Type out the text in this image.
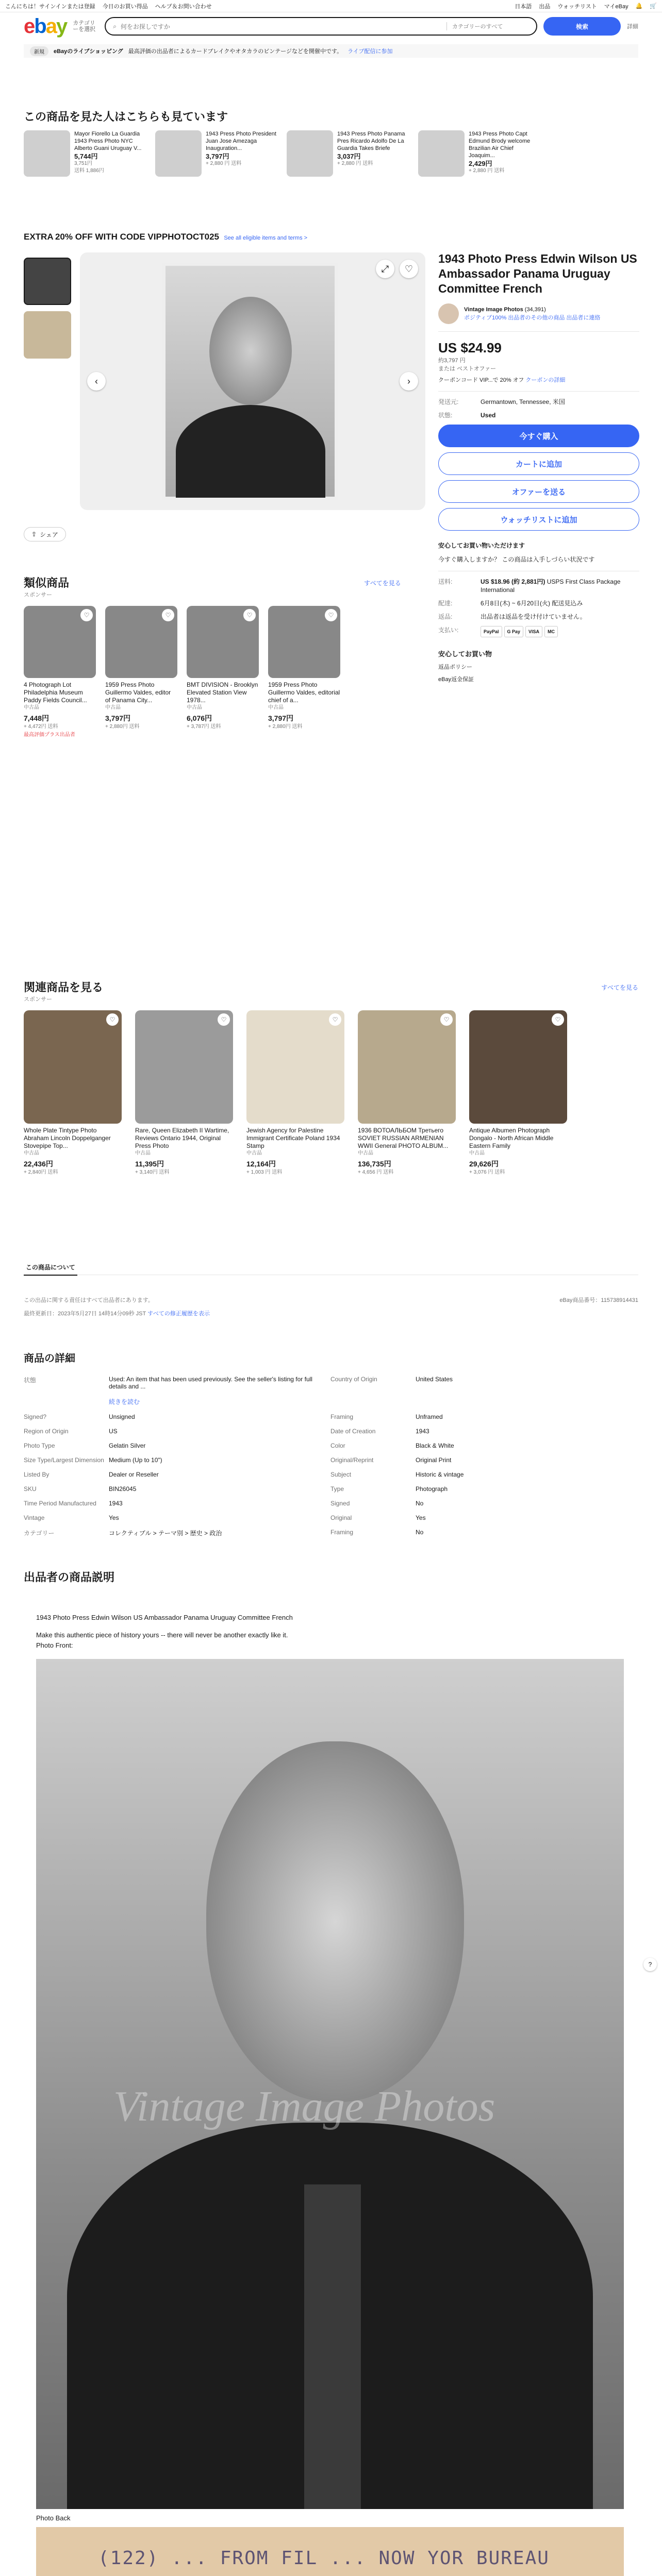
こんにちは！サインインまたは登録 今日のお買い得品 ヘルプ＆お問い合わせ	日本語 出品 ウォッチリスト マイeBay 🔔 🛒
ebay カテゴリーを選択	⌕ 何をお探しですか	カテゴリーのすべて	検索	詳細
新規	eBayのライブショッピング 最高評価の出品者によるカードブレイクやオタカラのビンテージなどを開催中です。 ライブ配信に参加
この商品を見た人はこちらも見ています
Mayor Fiorello La Guardia 1943 Press Photo NYC Alberto Guani Uruguay V...
5,744円
3,751円
送料 1,886円
1943 Press Photo President Juan Jose Amezaga Inauguration...
3,797円
+ 2,880 円 送料
1943 Press Photo Panama Pres Ricardo Adolfo De La Guardia Takes Briefe
3,037円
+ 2,880 円 送料
1943 Press Photo Capt Edmund Brody welcome Brazilian Air Chief Joaquim...
2,429円
+ 2,880 円 送料
EXTRA 20% OFF WITH CODE VIPPHOTOCT025 See all eligible items and terms >
‹	›
⤢ ♡
⇪ シェア
1943 Photo Press Edwin Wilson US Ambassador Panama Uruguay Committee French
Vintage Image Photos (34,391)
ポジティブ100% 出品者のその他の商品 出品者に連絡
US $24.99
約3,797 円
または ベストオファー
クーポンコード VIP...で 20% オフ クーポンの詳細
発送元:	Germantown, Tennessee, 米国
状態:	Used
今すぐ購入
カートに追加
オファーを送る
ウォッチリストに追加
安心してお買い物いただけます
今すぐ購入しますか？ この商品は入手しづらい状況です
送料:	US $18.96 (約 2,881円) USPS First Class Package International
配達:	6月8日(木) ~ 6月20日(火) 配送見込み
返品:	出品者は返品を受け付けていません。
支払い:	PayPal	G Pay	VISA	MC
安心してお買い物
返品ポリシー
eBay返金保証
類似商品
スポンサー
すべてを見る
♡
4 Photograph Lot Philadelphia Museum Paddy Fields Council...
中古品
7,448円
+ 4,472円 送料
最高評価プラス出品者
♡
1959 Press Photo Guillermo Valdes, editor of Panama City...
中古品
3,797円
+ 2,880円 送料
♡
BMT DIVISION - Brooklyn Elevated Station View 1978...
中古品
6,076円
+ 3,787円 送料
♡
1959 Press Photo Guillermo Valdes, editorial chief of a...
中古品
3,797円
+ 2,880円 送料
関連商品を見る
スポンサー
すべてを見る
♡
Whole Plate Tintype Photo Abraham Lincoln Doppelganger Stovepipe Top...
中古品
22,436円
+ 2,840円 送料
♡
Rare, Queen Elizabeth II Wartime, Reviews Ontario 1944, Original Press Photo
中古品
11,395円
+ 3,140円 送料
♡
Jewish Agency for Palestine Immigrant Certificate Poland 1934 Stamp
中古品
12,164円
+ 1,003 円 送料
♡
1936 ВОТОАЛЬБОМ Третьего SOVIET RUSSIAN ARMENIAN WWII General PHOTO ALBUM...
中古品
136,735円
+ 4,656 円 送料
♡
Antique Albumen Photograph Dongalo - North African Middle Eastern Family
中古品
29,626円
+ 3,076 円 送料
この商品について
この出品に関する責任はすべて出品者にあります。	eBay商品番号：115738914431
最終更新日：2023年5月27日 14時14分09秒 JST すべての修正履歴を表示
商品の詳細
状態	Used: An item that has been used previously. See the seller's listing for full details and ...	Country of Origin	United States
	続きを読む		
Signed?	Unsigned	Framing	Unframed
Region of Origin	US	Date of Creation	1943
Photo Type	Gelatin Silver	Color	Black & White
Size Type/Largest Dimension	Medium (Up to 10")	Original/Reprint	Original Print
Listed By	Dealer or Reseller	Subject	Historic & vintage
SKU	BIN26045	Type	Photograph
Time Period Manufactured	1943	Signed	No
Vintage	Yes	Original	Yes
カテゴリー	コレクティブル > テーマ別 > 歴史 > 政治	Framing	No
出品者の商品説明
1943 Photo Press Edwin Wilson US Ambassador Panama Uruguay Committee French
Make this authentic piece of history yours -- there will never be another exactly like it.
Photo Front:
Vintage Image Photos
Photo Back
(122) ... FROM FIL ... NOW YOR BUREAU

?
